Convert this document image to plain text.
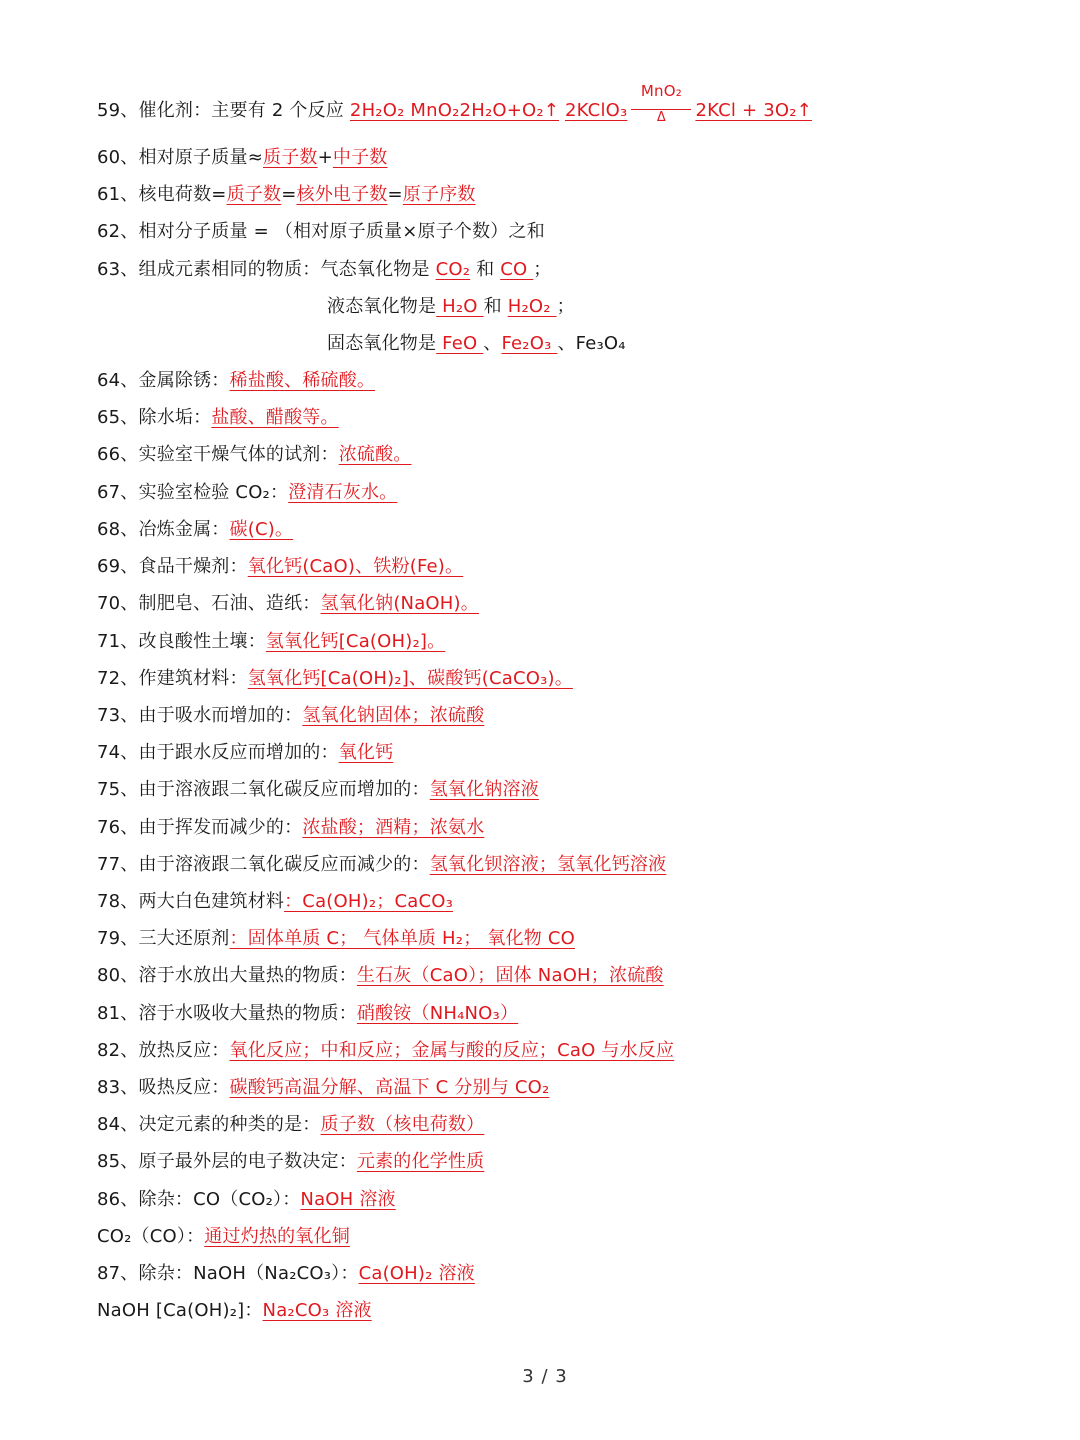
59、催化剂：主要有 2 个反应 2H₂O₂ MnO₂2H₂O+O₂↑ 2KClO₃ $\frac{\text{MnO₂}}{\Delta} 2KCl$ + 3O₂↑
60、相对原子质量≈质子数+中子数
61、核电荷数=质子数=核外电子数=原子序数
62、相对分子质量 = （相对原子质量×原子个数）之和
63、组成元素相同的物质：气态氧化物是 CO₂ 和 CO ；
液态氧化物是 H₂O 和 H₂O₂ ；
固态氧化物是 FeO 、Fe₂O₃ 、Fe₃O₄
64、金属除锈：稀盐酸、稀硫酸。
65、除水垢：盐酸、醋酸等。
66、实验室干燥气体的试剂：浓硫酸。
67、实验室检验 CO₂：澄清石灰水。
68、冶炼金属：碳(C)。
69、食品干燥剂：氧化钙(CaO)、铁粉(Fe)。
70、制肥皂、石油、造纸：氢氧化钠(NaOH)。
71、改良酸性土壤：氢氧化钙[Ca(OH)₂]。
72、作建筑材料：氢氧化钙[Ca(OH)₂]、碳酸钙(CaCO₃)。
73、由于吸水而增加的：氢氧化钠固体；浓硫酸
74、由于跟水反应而增加的：氧化钙
75、由于溶液跟二氧化碳反应而增加的：氢氧化钠溶液
76、由于挥发而减少的：浓盐酸；酒精；浓氨水
77、由于溶液跟二氧化碳反应而减少的：氢氧化钡溶液；氢氧化钙溶液
78、两大白色建筑材料：Ca(OH)₂；CaCO₃
79、三大还原剂：固体单质 C； 气体单质 H₂； 氧化物 CO
80、溶于水放出大量热的物质：生石灰（CaO）；固体 NaOH；浓硫酸
81、溶于水吸收大量热的物质：硝酸铵（NH₄NO₃）
82、放热反应：氧化反应；中和反应；金属与酸的反应；CaO 与水反应
83、吸热反应：碳酸钙高温分解、高温下 C 分别与 CO₂
84、决定元素的种类的是：质子数（核电荷数）
85、原子最外层的电子数决定：元素的化学性质
86、除杂：CO（CO₂）：NaOH 溶液
CO₂（CO）：通过灼热的氧化铜
87、除杂：NaOH（Na₂CO₃）：Ca(OH)₂ 溶液
NaOH [Ca(OH)₂]：Na₂CO₃ 溶液
3 / 3
